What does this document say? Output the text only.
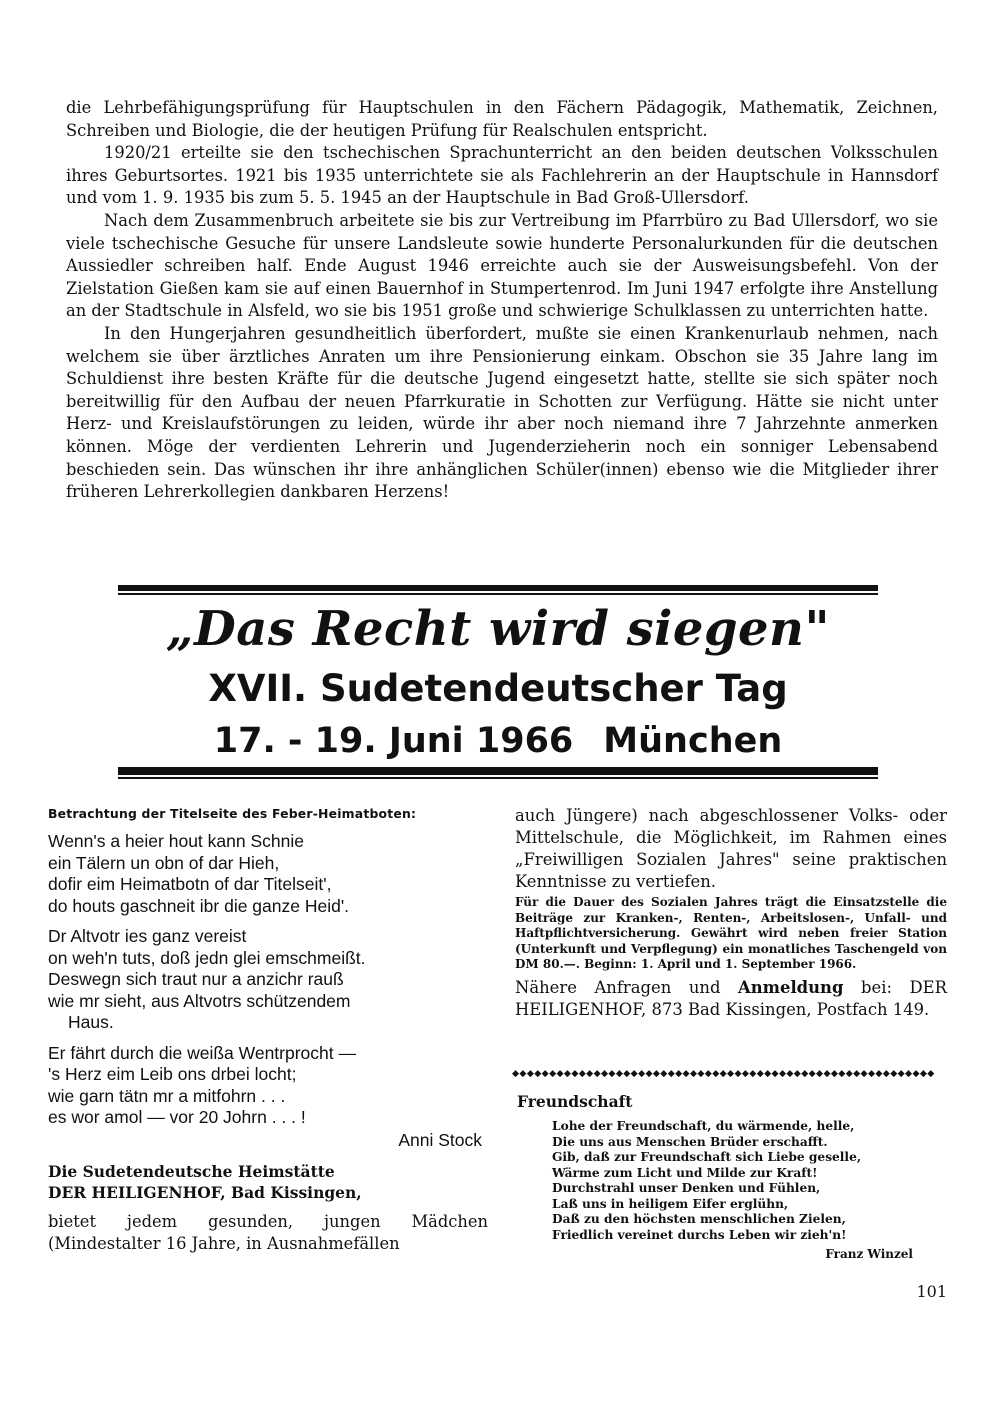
die Lehrbefähigungsprüfung für Hauptschulen in den Fächern Pädagogik, Mathematik, Zeichnen, Schreiben und Biologie, die der heutigen Prüfung für Realschulen entspricht.

1920/21 erteilte sie den tschechischen Sprachunterricht an den beiden deutschen Volksschulen ihres Geburtsortes. 1921 bis 1935 unterrichtete sie als Fachlehrerin an der Hauptschule in Hannsdorf und vom 1. 9. 1935 bis zum 5. 5. 1945 an der Hauptschule in Bad Groß-Ullersdorf.

Nach dem Zusammenbruch arbeitete sie bis zur Vertreibung im Pfarrbüro zu Bad Ullersdorf, wo sie viele tschechische Gesuche für unsere Landsleute sowie hunderte Personalurkunden für die deutschen Aussiedler schreiben half. Ende August 1946 erreichte auch sie der Ausweisungsbefehl. Von der Zielstation Gießen kam sie auf einen Bauernhof in Stumpertenrod. Im Juni 1947 erfolgte ihre Anstellung an der Stadtschule in Alsfeld, wo sie bis 1951 große und schwierige Schulklassen zu unterrichten hatte.

In den Hungerjahren gesundheitlich überfordert, mußte sie einen Krankenurlaub nehmen, nach welchem sie über ärztliches Anraten um ihre Pensionierung einkam. Obschon sie 35 Jahre lang im Schuldienst ihre besten Kräfte für die deutsche Jugend eingesetzt hatte, stellte sie sich später noch bereitwillig für den Aufbau der neuen Pfarrkuratie in Schotten zur Verfügung. Hätte sie nicht unter Herz- und Kreislaufstörungen zu leiden, würde ihr aber noch niemand ihre 7 Jahrzehnte anmerken können. Möge der verdienten Lehrerin und Jugenderzieherin noch ein sonniger Lebensabend beschieden sein. Das wünschen ihr ihre anhänglichen Schüler(innen) ebenso wie die Mitglieder ihrer früheren Lehrerkollegien dankbaren Herzens!

„Das Recht wird siegen"
XVII. Sudetendeutscher Tag
17. - 19. Juni 1966 München
Betrachtung der Titelseite des Feber-Heimatboten:
Wenn's a heier hout kann Schnie
ein Tälern un obn of dar Hieh,
dofir eim Heimatbotn of dar Titelseit',
do houts gaschneit ibr die ganze Heid'.
Dr Altvotr ies ganz vereist
on weh'n tuts, doß jedn glei emschmeißt.
Deswegn sich traut nur a anzichr rauß
wie mr sieht, aus Altvotrs schützendem
Haus.
Er fährt durch die weißa Wentrprocht —
's Herz eim Leib ons drbei locht;
wie garn tätn mr a mitfohrn . . .
es wor amol — vor 20 Johrn . . . !
Anni Stock
Die Sudetendeutsche Heimstätte
DER HEILIGENHOF, Bad Kissingen,
bietet jedem gesunden, jungen Mädchen (Mindestalter 16 Jahre, in Ausnahmefällen
auch Jüngere) nach abgeschlossener Volks- oder Mittelschule, die Möglichkeit, im Rahmen eines „Freiwilligen Sozialen Jahres" seine praktischen Kenntnisse zu vertiefen.
Für die Dauer des Sozialen Jahres trägt die Einsatzstelle die Beiträge zur Kranken-, Renten-, Arbeitslosen-, Unfall- und Haftpflichtversicherung. Gewährt wird neben freier Station (Unterkunft und Verpflegung) ein monatliches Taschengeld von DM 80.—. Beginn: 1. April und 1. September 1966.
Nähere Anfragen und Anmeldung bei: DER HEILIGENHOF, 873 Bad Kissingen, Postfach 149.
◆◆◆◆◆◆◆◆◆◆◆◆◆◆◆◆◆◆◆◆◆◆◆◆◆◆◆◆◆◆◆◆◆◆◆◆◆◆◆◆◆◆◆◆◆◆◆◆◆◆◆◆◆◆◆◆◆
Freundschaft
Lohe der Freundschaft, du wärmende, helle,
Die uns aus Menschen Brüder erschafft.
Gib, daß zur Freundschaft sich Liebe geselle,
Wärme zum Licht und Milde zur Kraft!
Durchstrahl unser Denken und Fühlen,
Laß uns in heiligem Eifer erglühn,
Daß zu den höchsten menschlichen Zielen,
Friedlich vereinet durchs Leben wir zieh'n!
Franz Winzel
101
